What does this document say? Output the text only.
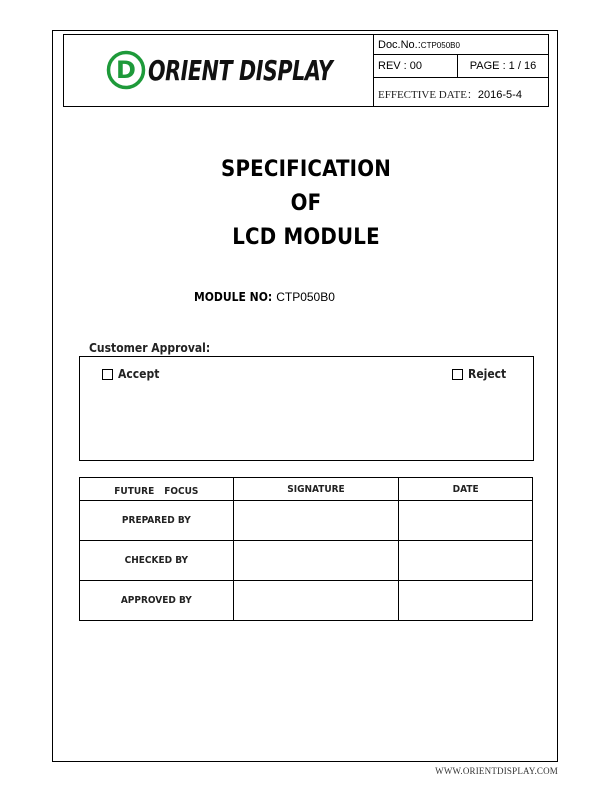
D ORIENT DISPLAY
Doc.No.:CTP050B0
REV : 00	PAGE : 1 / 16
EFFECTIVE DATE：2016-5-4
SPECIFICATION
OF
LCD MODULE
MODULE NO: CTP050B0
Customer Approval:
Accept	Reject
FUTURE　FOCUS	SIGNATURE	DATE
PREPARED BY		
CHECKED BY		
APPROVED BY		
WWW.ORIENTDISPLAY.COM
